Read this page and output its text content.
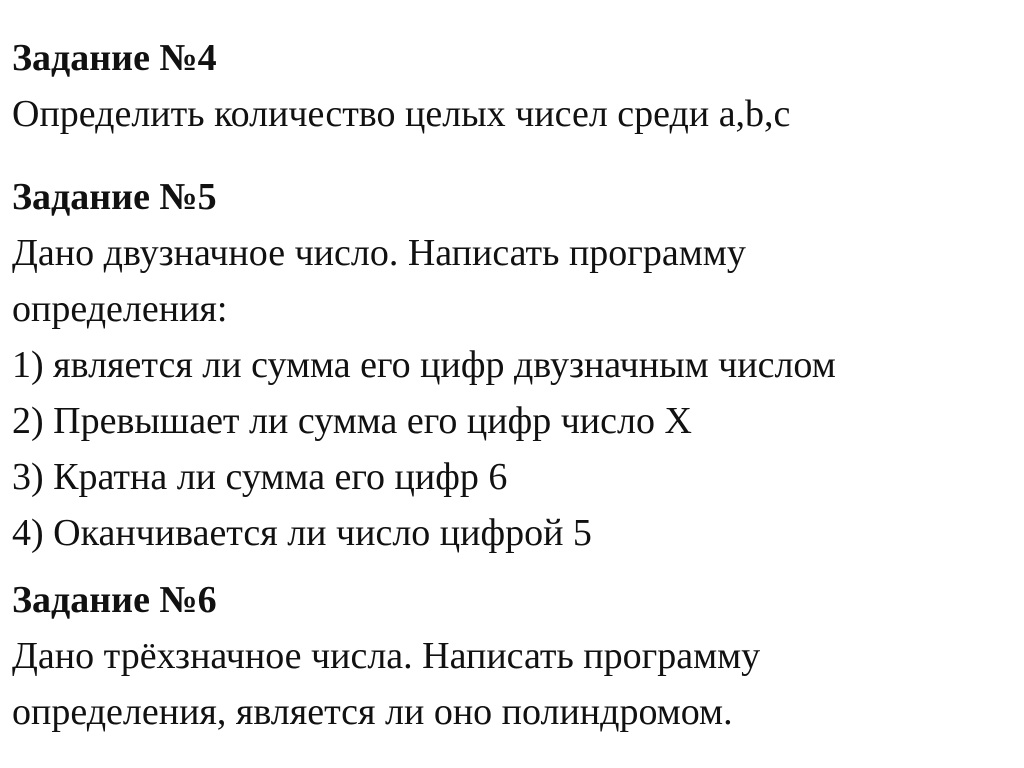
Задание №4
Определить количество целых чисел среди a,b,c
Задание №5
Дано двузначное число. Написать программу
определения:
1) является ли сумма его цифр двузначным числом
2) Превышает ли сумма его цифр число X
3) Кратна ли сумма его цифр 6
4) Оканчивается ли число цифрой 5
Задание №6
Дано трёхзначное числа. Написать программу
определения, является ли оно полиндромом.
